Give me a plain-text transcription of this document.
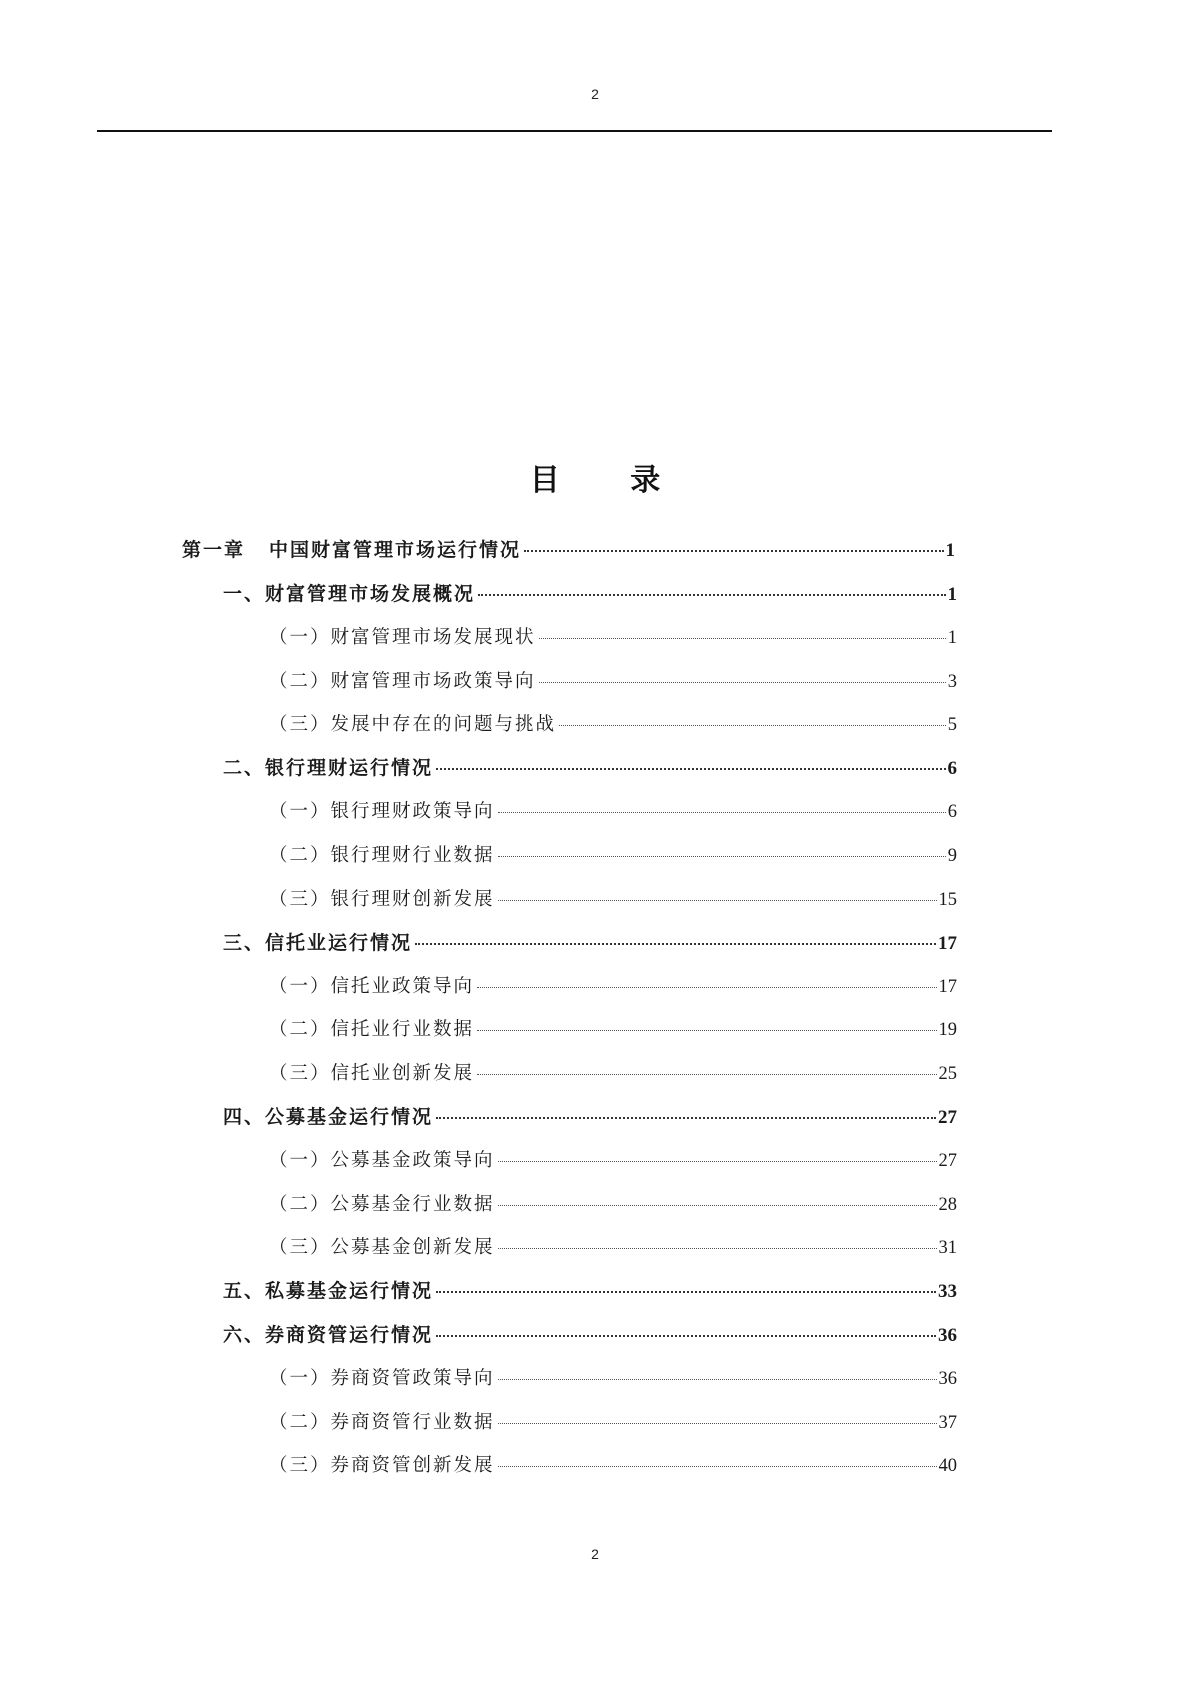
2
目 录
第一章 中国财富管理市场运行情况	1
一、财富管理市场发展概况	1
（一）财富管理市场发展现状	1
（二）财富管理市场政策导向	3
（三）发展中存在的问题与挑战	5
二、银行理财运行情况	6
（一）银行理财政策导向	6
（二）银行理财行业数据	9
（三）银行理财创新发展	15
三、信托业运行情况	17
（一）信托业政策导向	17
（二）信托业行业数据	19
（三）信托业创新发展	25
四、公募基金运行情况	27
（一）公募基金政策导向	27
（二）公募基金行业数据	28
（三）公募基金创新发展	31
五、私募基金运行情况	33
六、券商资管运行情况	36
（一）券商资管政策导向	36
（二）券商资管行业数据	37
（三）券商资管创新发展	40
2
